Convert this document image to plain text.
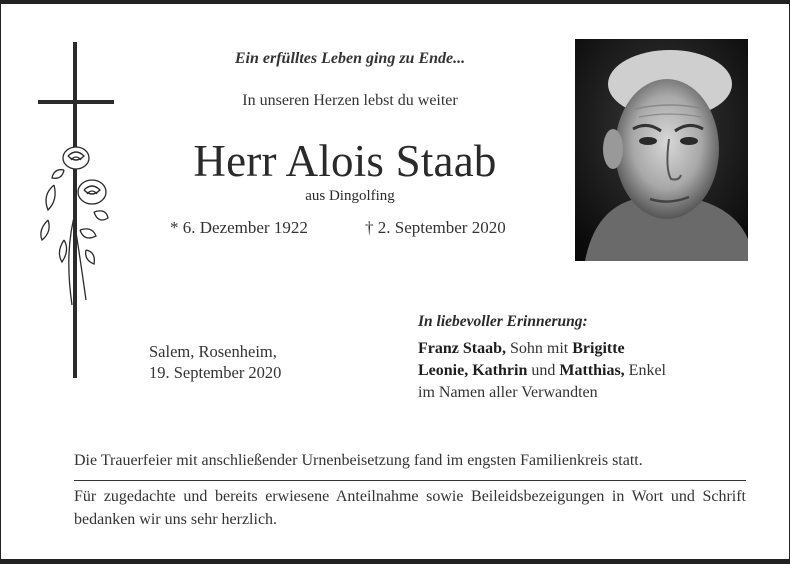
Ein erfülltes Leben ging zu Ende...
In unseren Herzen lebst du weiter
Herr Alois Staab
aus Dingolfing
* 6. Dezember 1922	† 2. September 2020
Salem, Rosenheim,
19. September 2020
In liebevoller Erinnerung:
Franz Staab, Sohn mit Brigitte
Leonie, Kathrin und Matthias, Enkel
im Namen aller Verwandten
Die Trauerfeier mit anschließender Urnenbeisetzung fand im engsten Familienkreis statt.
Für zugedachte und bereits erwiesene Anteilnahme sowie Beileidsbezeigungen in Wort und Schrift bedanken wir uns sehr herzlich.
